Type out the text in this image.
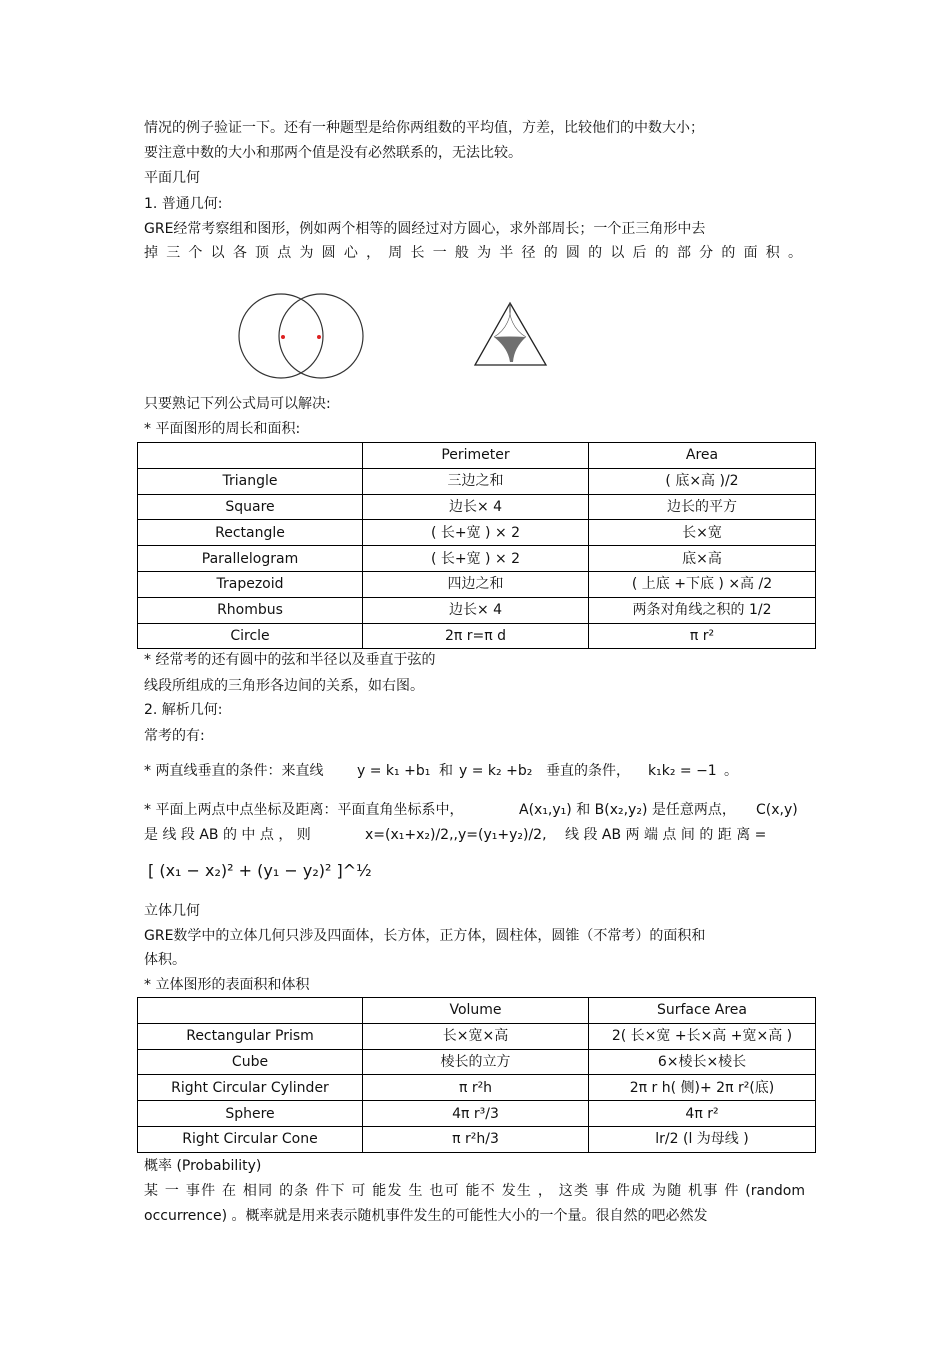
情况的例子验证一下。还有一种题型是给你两组数的平均值，方差，比较他们的中数大小；
要注意中数的大小和那两个值是没有必然联系的，无法比较。
平面几何
1. 普通几何:
GRE经常考察组和图形，例如两个相等的圆经过对方圆心，求外部周长；一个正三角形中去
掉三个以各顶点为圆心，周长一般为半径的圆的以后的部分的面积。
只要熟记下列公式局可以解决:
* 平面图形的周长和面积:
	Perimeter	Area
Triangle	三边之和	( 底×高 )/2
Square	边长× 4	边长的平方
Rectangle	( 长+宽 ) × 2	长×宽
Parallelogram	( 长+宽 ) × 2	底×高
Trapezoid	四边之和	( 上底 +下底 ) ×高 /2
Rhombus	边长× 4	两条对角线之积的 1/2
Circle	2π r=π d	π r²
* 经常考的还有圆中的弦和半径以及垂直于弦的
线段所组成的三角形各边间的关系，如右图。
2. 解析几何:
常考的有:
* 两直线垂直的条件：来直线 y = k₁ +b₁ 和 y = k₂ +b₂ 垂直的条件， k₁k₂ = −1 。
* 平面上两点中点坐标及距离：平面直角坐标系中，	A(x₁,y₁) 和 B(x₂,y₂) 是任意两点， C(x,y)
是 线 段 AB 的 中 点 ， 则	x=(x₁+x₂)/2,,y=(y₁+y₂)/2, 线 段 AB 两 端 点 间 的 距 离 =
[ (x₁ − x₂)² + (y₁ − y₂)² ]^½
立体几何
GRE数学中的立体几何只涉及四面体，长方体，正方体，圆柱体，圆锥（不常考）的面积和
体积。
* 立体图形的表面积和体积
	Volume	Surface Area
Rectangular Prism	长×宽×高	2( 长×宽 +长×高 +宽×高 )
Cube	棱长的立方	6×棱长×棱长
Right Circular Cylinder	π r²h	2π r h( 侧)+ 2π r²(底)
Sphere	4π r³/3	4π r²
Right Circular Cone	π r²h/3	lr/2 (l 为母线 )
概率 (Probability)
某 一 事件 在 相同 的条 件下 可 能发 生 也可 能不 发生 ， 这类 事 件成 为随 机事 件 (random
occurrence) 。概率就是用来表示随机事件发生的可能性大小的一个量。很自然的吧必然发
